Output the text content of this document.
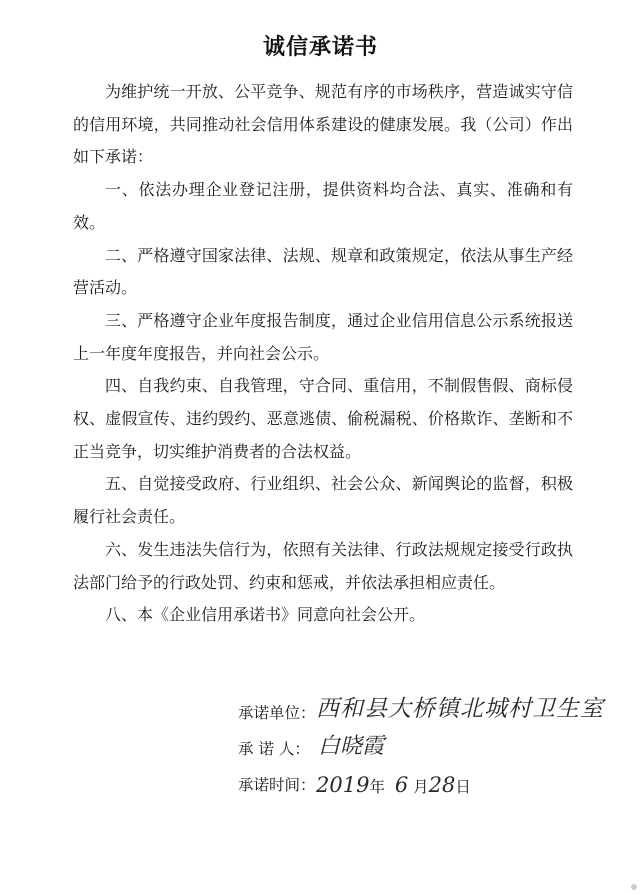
诚信承诺书

为维护统一开放、公平竞争、规范有序的市场秩序，营造诚实守信的信用环境，共同推动社会信用体系建设的健康发展。我（公司）作出如下承诺：

一、依法办理企业登记注册，提供资料均合法、真实、准确和有效。

二、严格遵守国家法律、法规、规章和政策规定，依法从事生产经营活动。

三、严格遵守企业年度报告制度，通过企业信用信息公示系统报送上一年度年度报告，并向社会公示。

四、自我约束、自我管理，守合同、重信用，不制假售假、商标侵权、虚假宣传、违约毁约、恶意逃债、偷税漏税、价格欺诈、垄断和不正当竞争，切实维护消费者的合法权益。

五、自觉接受政府、行业组织、社会公众、新闻舆论的监督，积极履行社会责任。

六、发生违法失信行为，依照有关法律、行政法规规定接受行政执法部门给予的行政处罚、约束和惩戒，并依法承担相应责任。

八、本《企业信用承诺书》同意向社会公开。

承诺单位： 西和县大桥镇北城村卫生室
承 诺 人： 白晓霞
承诺时间： 2019年 6 月28日
